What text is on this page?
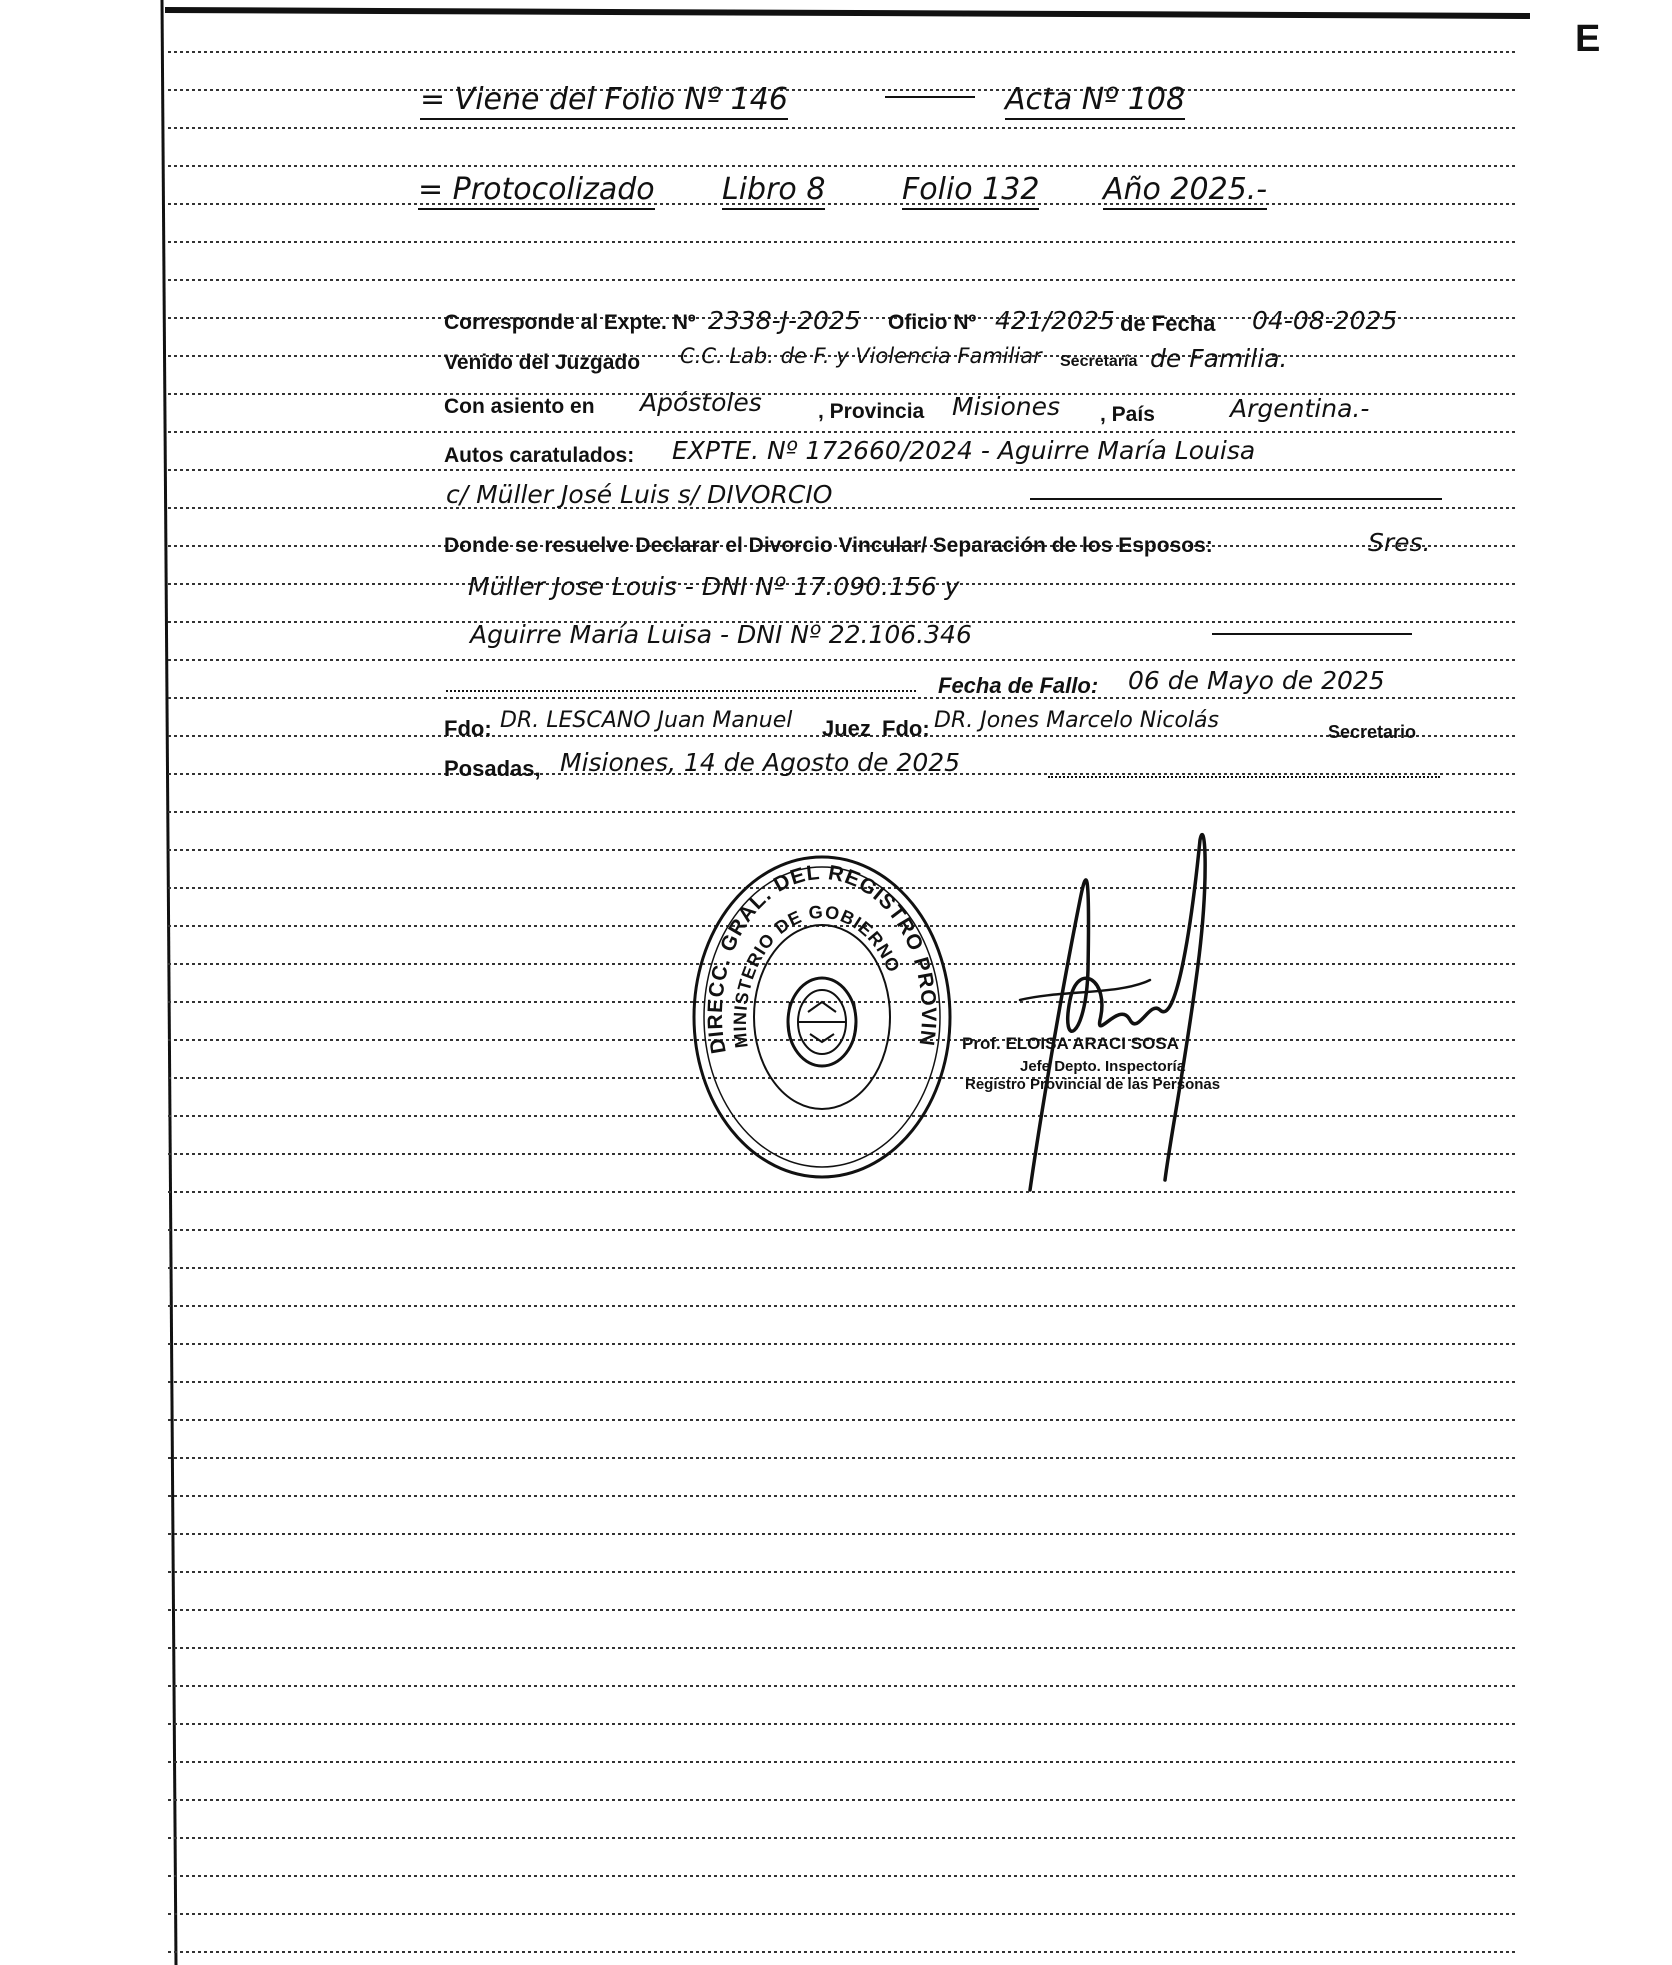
E
= Viene del Folio Nº 146	Acta Nº 108
= Protocolizado Libro 8	Folio 132 Año 2025.-
Corresponde al Expte. Nº 2338-J-2025 Oficio Nº 421/2025 de Fecha 04-08-2025
Venido del Juzgado C.C. Lab. de F. y Violencia Familiar Secretaría de Familia.
Con asiento en Apóstoles	, Provincia Misiones , País	Argentina.-
Autos caratulados: EXPTE. Nº 172660/2024 - Aguirre María Louisa
c/ Müller José Luis s/ DIVORCIO
Donde se resuelve Declarar el Divorcio Vincular/ Separación de los Esposos:	Sres.
Müller Jose Louis - DNI Nº 17.090.156 y
Aguirre María Luisa - DNI Nº 22.106.346
Fecha de Fallo: 06 de Mayo de 2025
Fdo: DR. LESCANO Juan Manuel Juez Fdo: DR. Jones Marcelo Nicolás	Secretario
Posadas, Misiones, 14 de Agosto de 2025
DIRECC. GRAL. DEL REGISTRO PROVIN
MINISTERIO DE GOBIERNO
Prof. ELOISA ARACI SOSA
Jefe Depto. Inspectoría
Registro Provincial de las Personas
